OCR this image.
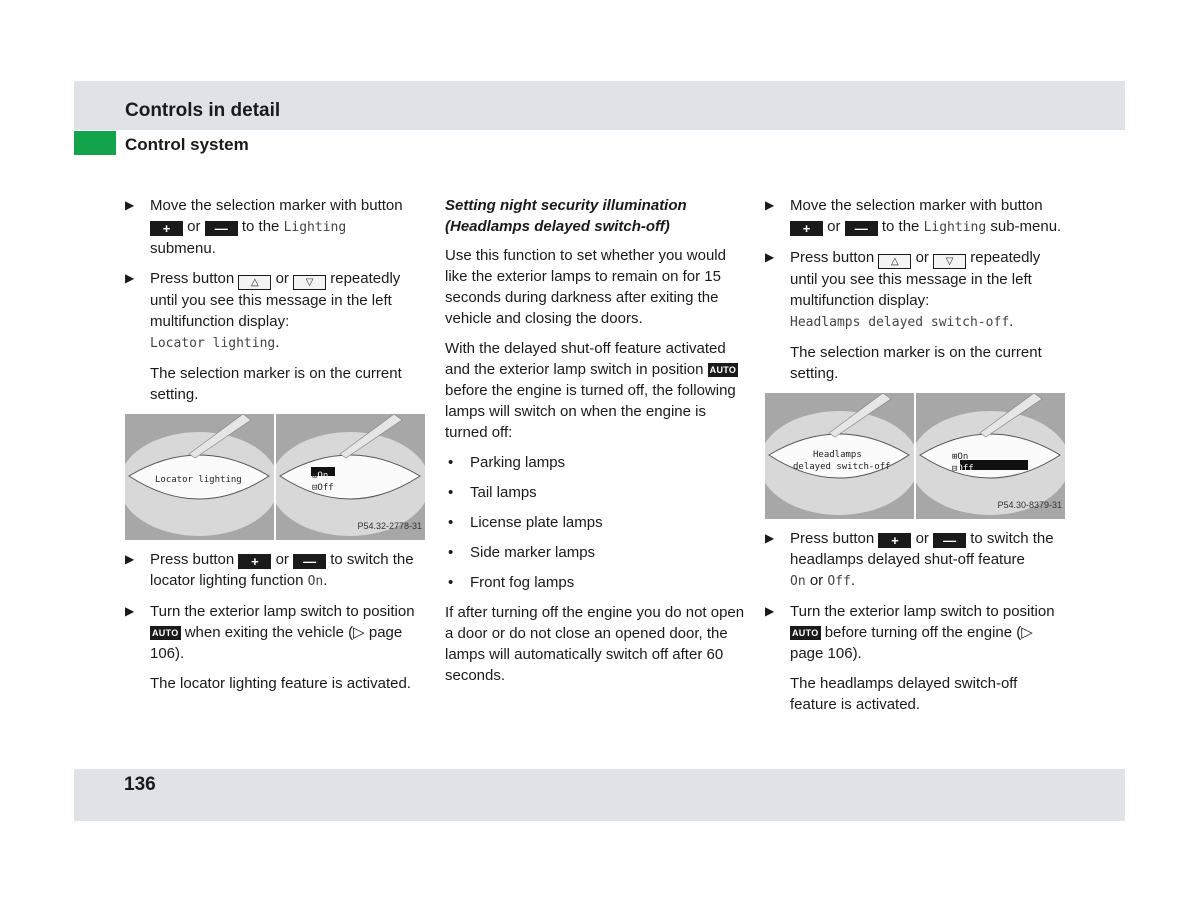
Controls in detail
Control system
▶ Move the selection marker with button
+ or — to the Lighting
submenu.
▶ Press button △ or ▽ repeatedly until you see this message in the left multifunction display:
Locator lighting.
The selection marker is on the current setting.
Locator lighting	⊞On
⊟Off
P54.32-2778-31
▶ Press button + or — to switch the locator lighting function On.
▶ Turn the exterior lamp switch to position AUTO when exiting the vehicle (▷ page 106).
The locator lighting feature is activated.
Setting night security illumination
(Headlamps delayed switch-off)
Use this function to set whether you would like the exterior lamps to remain on for 15 seconds during darkness after exiting the vehicle and closing the doors.
With the delayed shut-off feature activated and the exterior lamp switch in position AUTO before the engine is turned off, the following lamps will switch on when the engine is turned off:
• Parking lamps
• Tail lamps
• License plate lamps
• Side marker lamps
• Front fog lamps
If after turning off the engine you do not open a door or do not close an opened door, the lamps will automatically switch off after 60 seconds.
▶ Move the selection marker with button
+ or — to the Lighting sub-menu.
▶ Press button △ or ▽ repeatedly until you see this message in the left multifunction display:
Headlamps delayed switch-off.
The selection marker is on the current setting.
Headlamps
delayed switch-off
⊞On
⊟Off
P54.30-8379-31
▶ Press button + or — to switch the headlamps delayed shut-off feature
On or Off.
▶ Turn the exterior lamp switch to position AUTO before turning off the engine (▷ page 106).
The headlamps delayed switch-off feature is activated.
136
